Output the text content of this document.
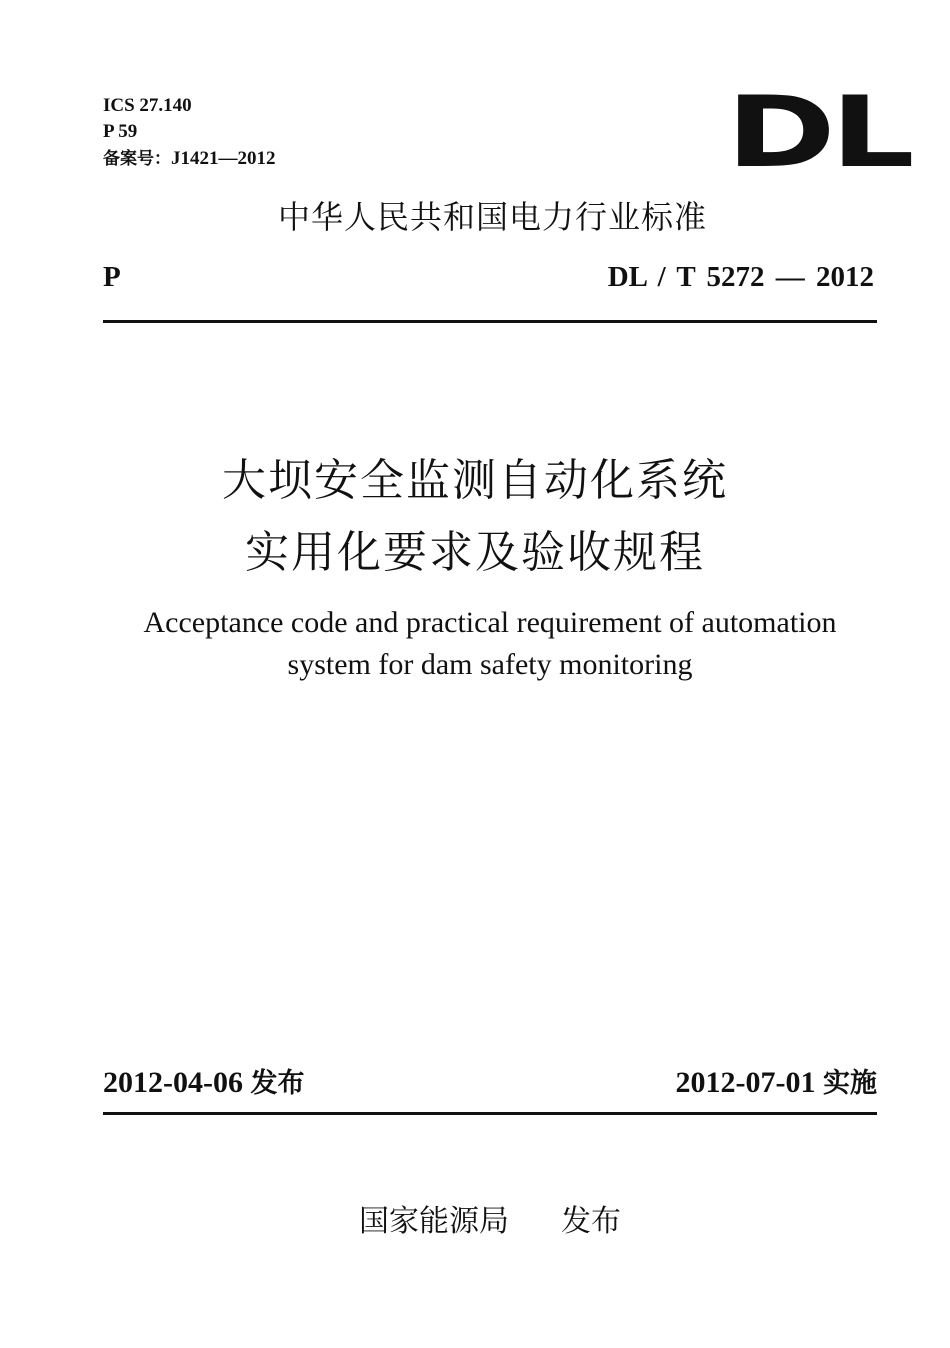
ICS 27.140
P 59
备案号：J1421—2012	DL
中华人民共和国电力行业标准
P	DL / T 5272 — 2012
大坝安全监测自动化系统
实用化要求及验收规程
Acceptance code and practical requirement of automation
system for dam safety monitoring
2012-04-06 发布	2012-07-01 实施
国家能源局 发布
